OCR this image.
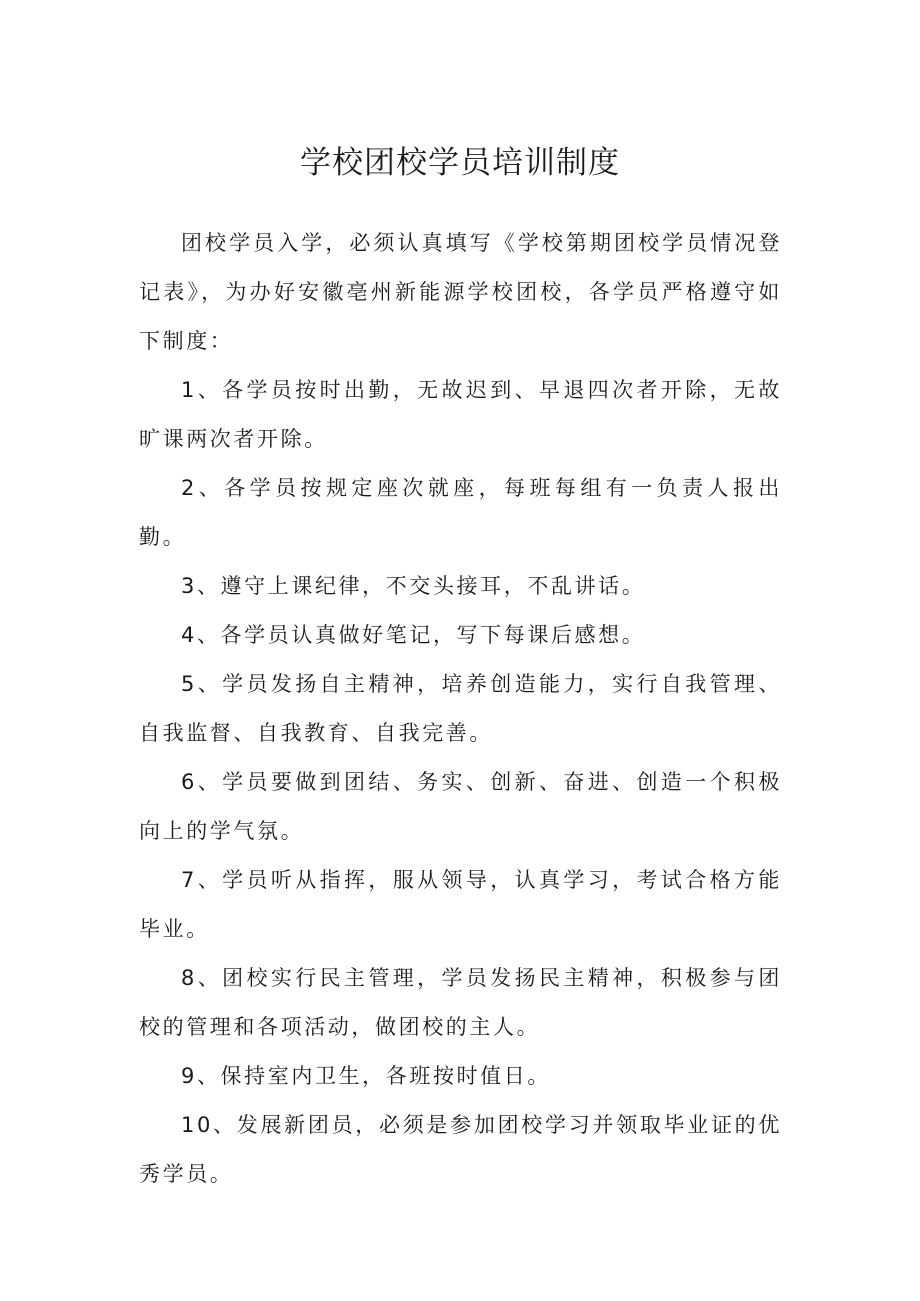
学校团校学员培训制度

团校学员入学，必须认真填写《学校第期团校学员情况登记表》，为办好安徽亳州新能源学校团校，各学员严格遵守如下制度：

1、各学员按时出勤，无故迟到、早退四次者开除，无故旷课两次者开除。

2、各学员按规定座次就座，每班每组有一负责人报出勤。

3、遵守上课纪律，不交头接耳，不乱讲话。

4、各学员认真做好笔记，写下每课后感想。

5、学员发扬自主精神，培养创造能力，实行自我管理、自我监督、自我教育、自我完善。

6、学员要做到团结、务实、创新、奋进、创造一个积极向上的学气氛。

7、学员听从指挥，服从领导，认真学习，考试合格方能毕业。

8、团校实行民主管理，学员发扬民主精神，积极参与团校的管理和各项活动，做团校的主人。

9、保持室内卫生，各班按时值日。

10、发展新团员，必须是参加团校学习并领取毕业证的优秀学员。
